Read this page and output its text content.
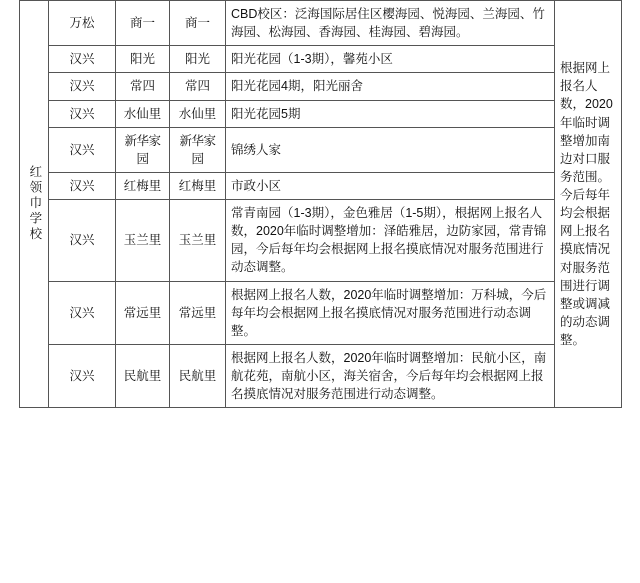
红领巾学校	万松	商一	商一	CBD校区：泛海国际居住区樱海园、悦海园、兰海园、竹海园、松海园、香海园、桂海园、碧海园。	根据网上报名人数，2020年临时调整增加南边对口服务范围。今后每年均会根据网上报名摸底情况对服务范围进行调整或调减的动态调整。
	汉兴	阳光	阳光	阳光花园（1-3期），馨苑小区	
	汉兴	常四	常四	阳光花园4期，阳光丽舍	
	汉兴	水仙里	水仙里	阳光花园5期	
	汉兴	新华家园	新华家园	锦绣人家	
	汉兴	红梅里	红梅里	市政小区	
	汉兴	玉兰里	玉兰里	常青南园（1-3期），金色雅居（1-5期），根据网上报名人数，2020年临时调整增加：泽皓雅居，边防家园，常青锦园，今后每年均会根据网上报名摸底情况对服务范围进行动态调整。	
	汉兴	常远里	常远里	根据网上报名人数，2020年临时调整增加：万科城，今后每年均会根据网上报名摸底情况对服务范围进行动态调整。	
	汉兴	民航里	民航里	根据网上报名人数，2020年临时调整增加：民航小区，南航花苑，南航小区，海关宿舍，今后每年均会根据网上报名摸底情况对服务范围进行动态调整。	
